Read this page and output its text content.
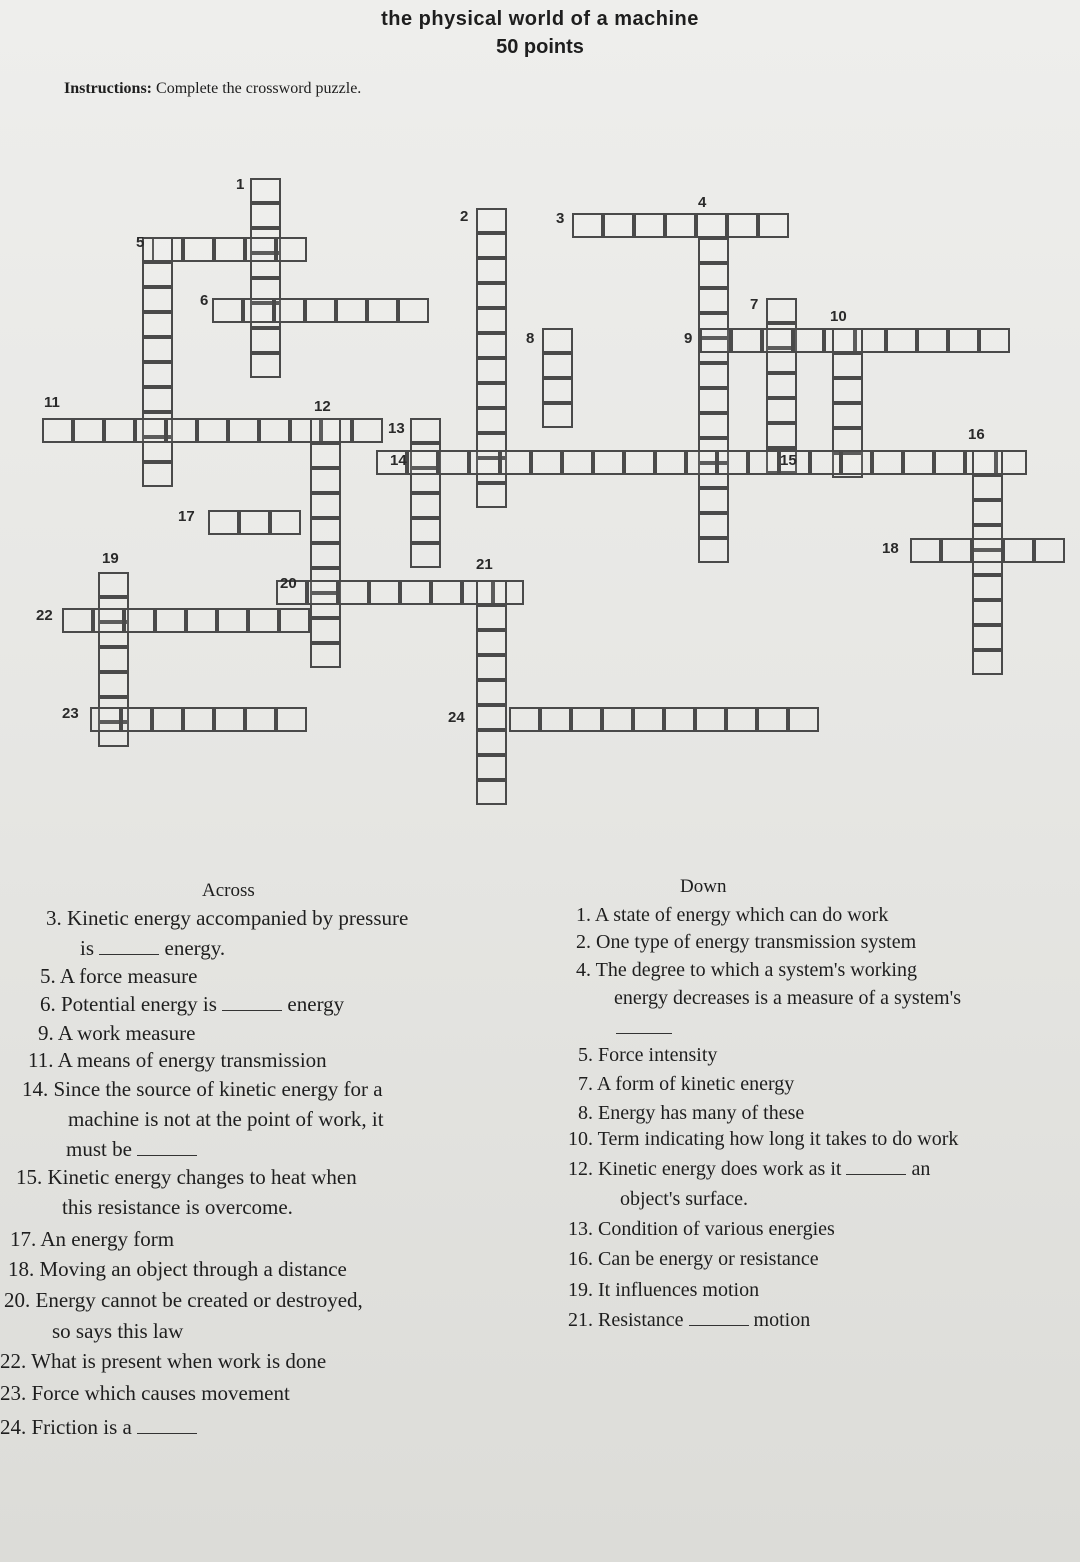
the physical world of a machine
50 points
Instructions: Complete the crossword puzzle.
1
2	3
4
5
6	7
8	9
10
11	12
13
14	15
16
17
18
19
20
21
22
23	24
Across	Down
3. Kinetic energy accompanied by pressure
is	energy.
5. A force measure
6. Potential energy is	energy
9. A work measure
11. A means of energy transmission
14. Since the source of kinetic energy for a
machine is not at the point of work, it
must be
15. Kinetic energy changes to heat when
this resistance is overcome.
17. An energy form
18. Moving an object through a distance
20. Energy cannot be created or destroyed,
so says this law
22. What is present when work is done
23. Force which causes movement
24. Friction is a
1. A state of energy which can do work
2. One type of energy transmission system
4. The degree to which a system's working
energy decreases is a measure of a system's
5. Force intensity
7. A form of kinetic energy
8. Energy has many of these
10. Term indicating how long it takes to do work
12. Kinetic energy does work as it	an
object's surface.
13. Condition of various energies
16. Can be energy or resistance
19. It influences motion
21. Resistance	motion
